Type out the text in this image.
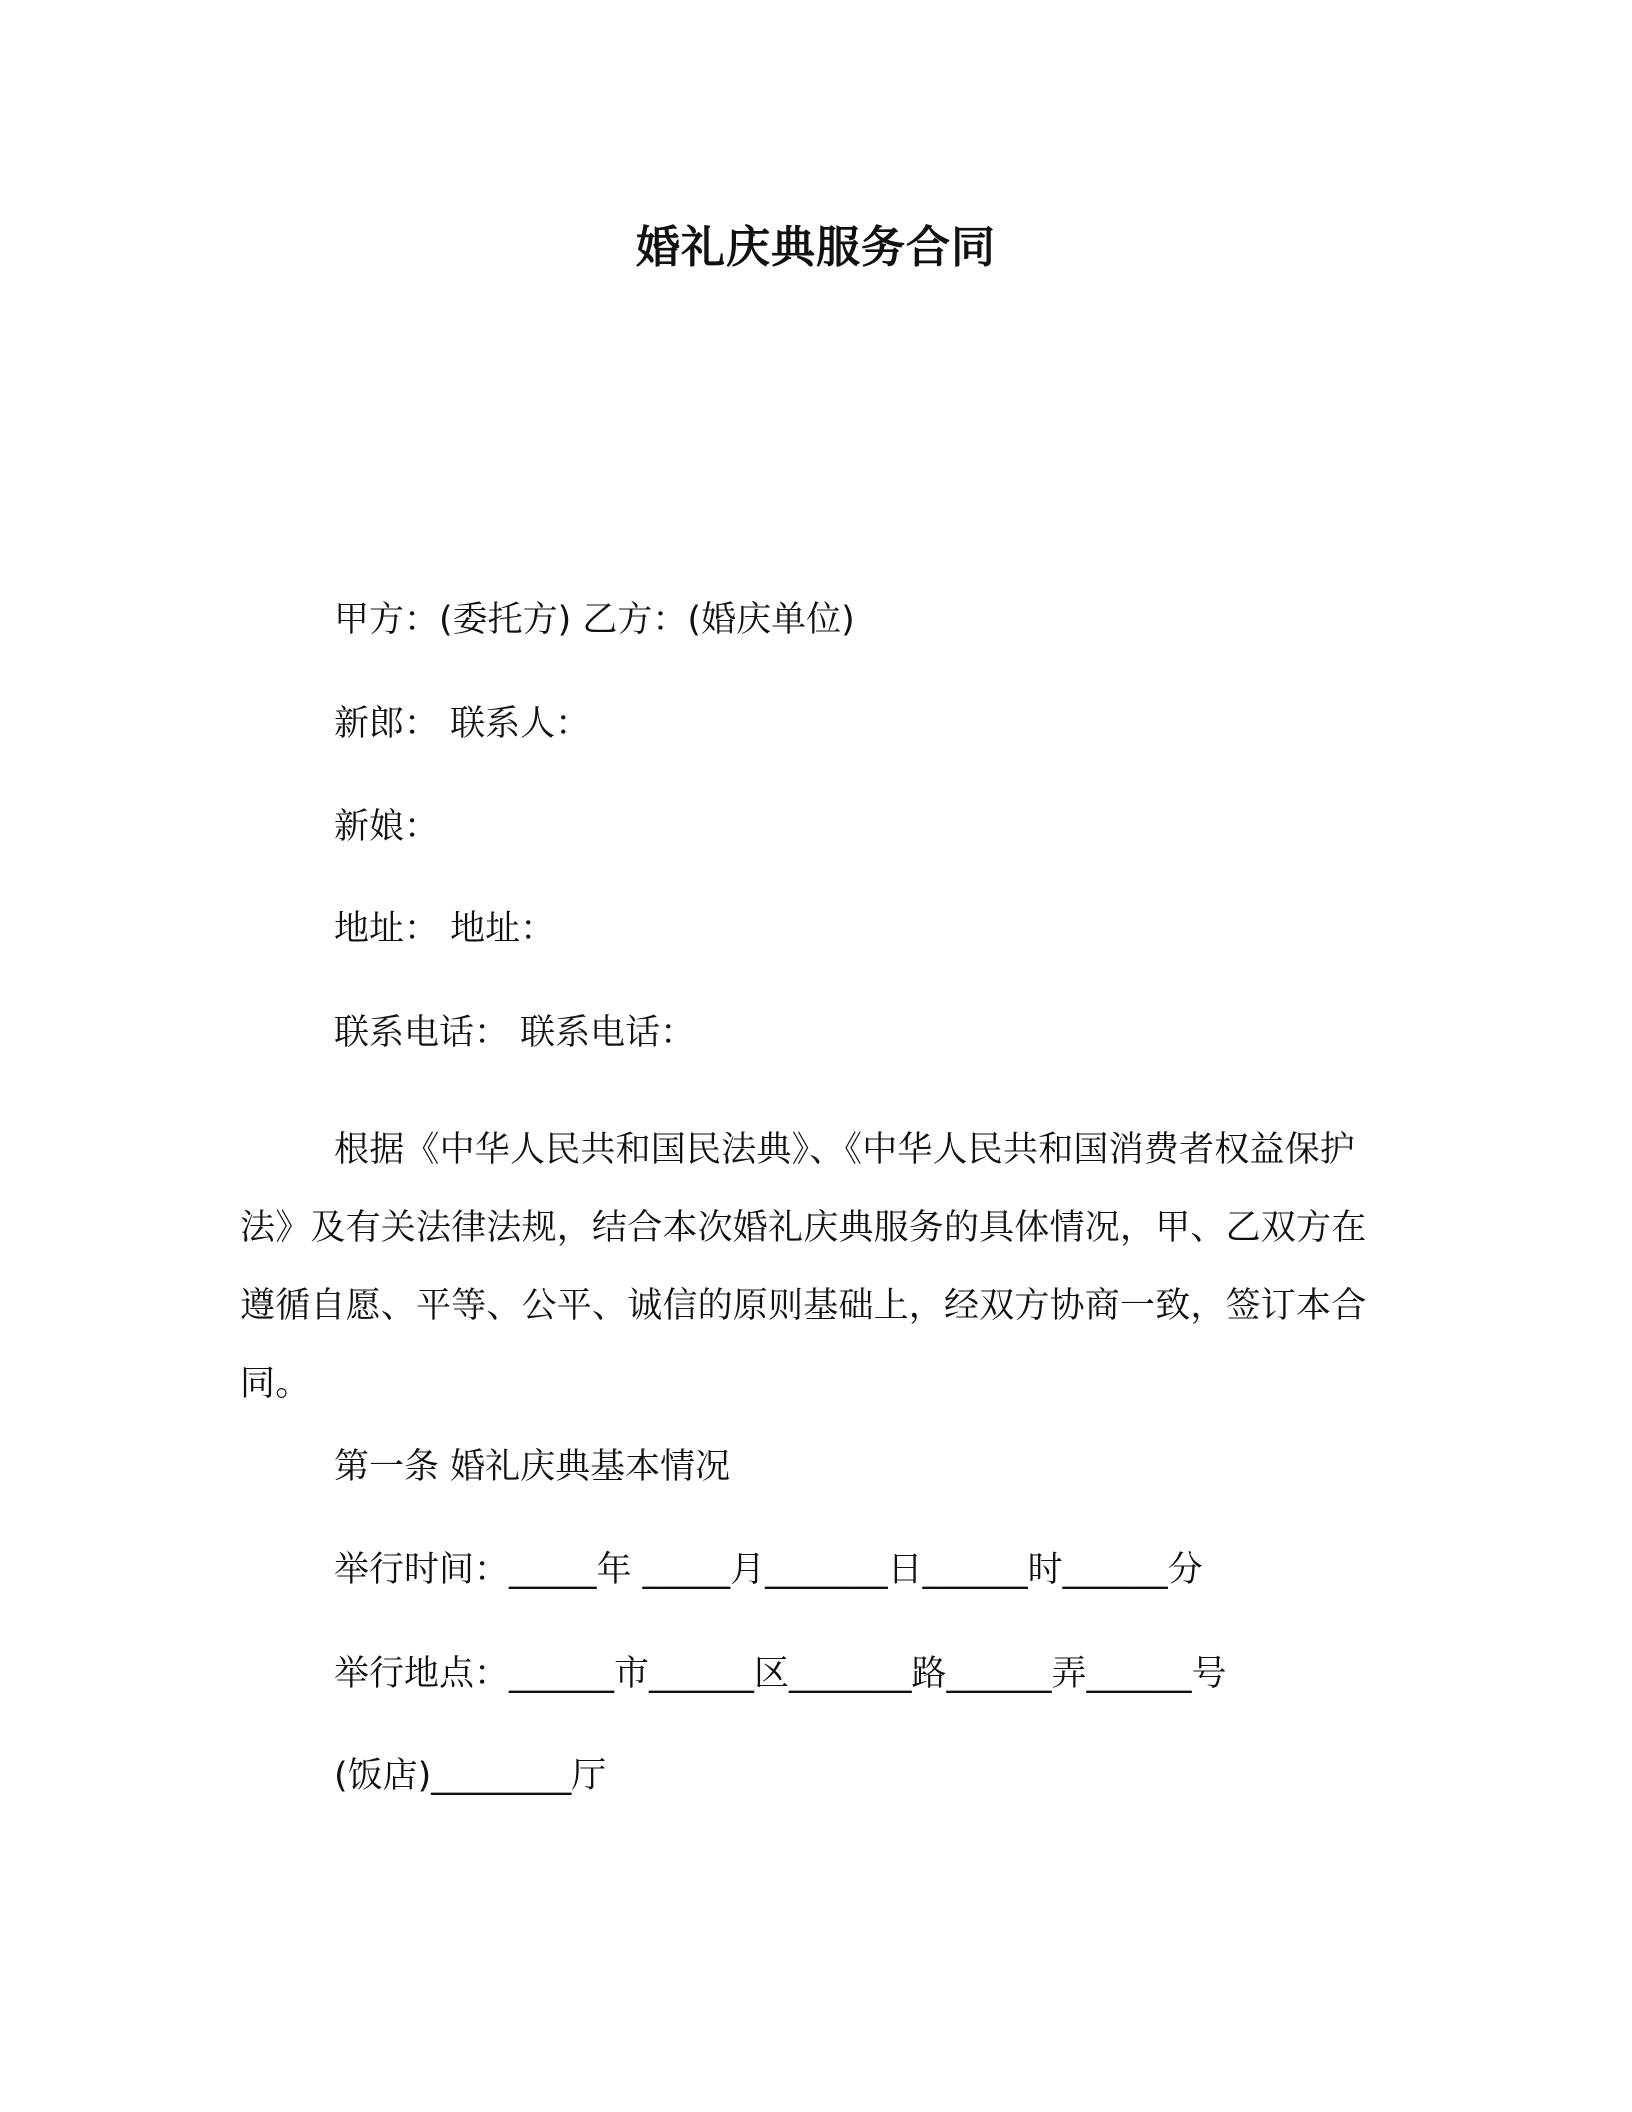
婚礼庆典服务合同

甲方：(委托方) 乙方：(婚庆单位)

新郎： 联系人：

新娘：

地址： 地址：

联系电话： 联系电话：

根据《中华人民共和国民法典》、《中华人民共和国消费者权益保护法》及有关法律法规，结合本次婚礼庆典服务的具体情况，甲、乙双方在遵循自愿、平等、公平、诚信的原则基础上，经双方协商一致，签订本合同。

第一条 婚礼庆典基本情况

举行时间：_____年 _____月_______日______时______分

举行地点：______市______区_______路______弄______号

(饭店)________厅
